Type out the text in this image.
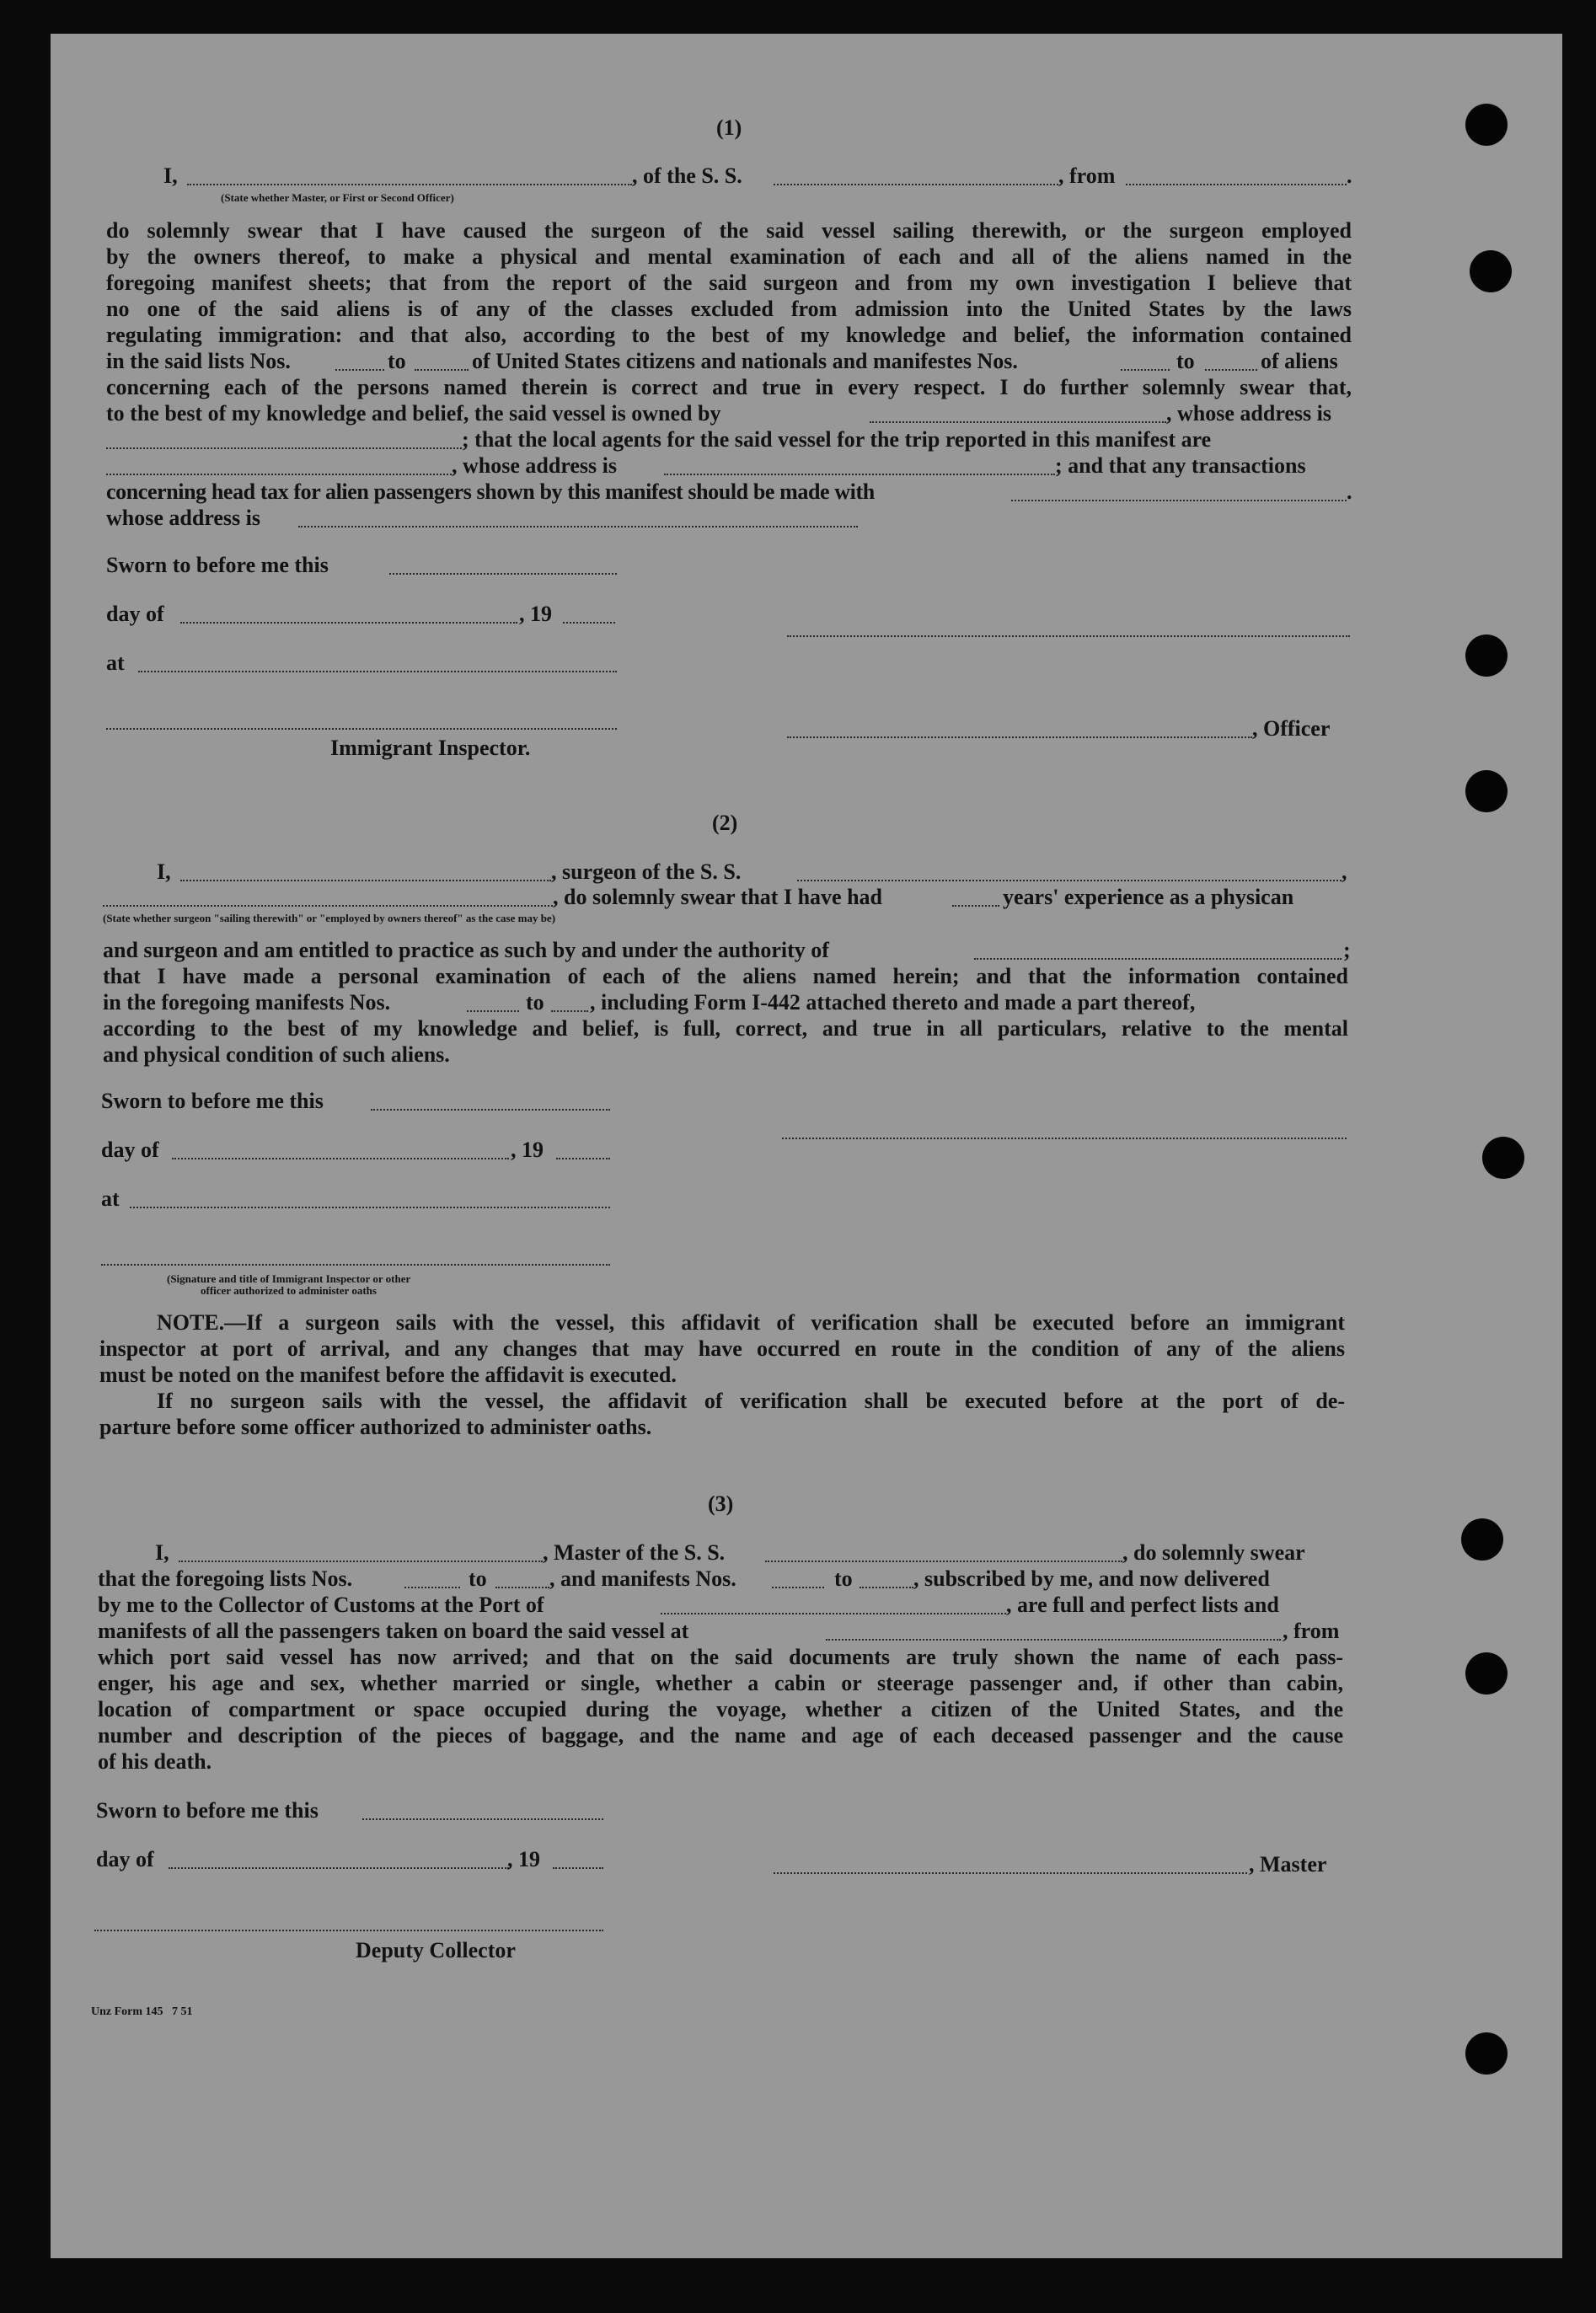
(1)
I,	, of the S. S.	, from	.
(State whether Master, or First or Second Officer)
do solemnly swear that I have caused the surgeon of the said vessel sailing therewith, or the surgeon employed
by the owners thereof, to make a physical and mental examination of each and all of the aliens named in the
foregoing manifest sheets; that from the report of the said surgeon and from my own investigation I believe that
no one of the said aliens is of any of the classes excluded from admission into the United States by the laws
regulating immigration: and that also, according to the best of my knowledge and belief, the information contained
in the said lists Nos.	to	of United States citizens and nationals and manifestes Nos.	to	of aliens
concerning each of the persons named therein is correct and true in every respect. I do further solemnly swear that,
to the best of my knowledge and belief, the said vessel is owned by	, whose address is
; that the local agents for the said vessel for the trip reported in this manifest are
, whose address is	; and that any transactions
concerning head tax for alien passengers shown by this manifest should be made with	.
whose address is
Sworn to before me this
day of	, 19
at
, Officer
Immigrant Inspector.
(2)
I,	, surgeon of the S. S.	,
, do solemnly swear that I have had	years' experience as a physican
(State whether surgeon "sailing therewith" or "employed by owners thereof" as the case may be)
and surgeon and am entitled to practice as such by and under the authority of	;
that I have made a personal examination of each of the aliens named herein; and that the information contained
in the foregoing manifests Nos.	to , including Form I-442 attached thereto and made a part thereof,
according to the best of my knowledge and belief, is full, correct, and true in all particulars, relative to the mental
and physical condition of such aliens.
Sworn to before me this
day of	, 19
at
(Signature and title of Immigrant Inspector or other
officer authorized to administer oaths
NOTE.—If a surgeon sails with the vessel, this affidavit of verification shall be executed before an immigrant
inspector at port of arrival, and any changes that may have occurred en route in the condition of any of the aliens
must be noted on the manifest before the affidavit is executed.
If no surgeon sails with the vessel, the affidavit of verification shall be executed before at the port of de-
parture before some officer authorized to administer oaths.
(3)
I,	, Master of the S. S.	, do solemnly swear
that the foregoing lists Nos.	to	, and manifests Nos.	to	, subscribed by me, and now delivered
by me to the Collector of Customs at the Port of	, are full and perfect lists and
manifests of all the passengers taken on board the said vessel at	, from
which port said vessel has now arrived; and that on the said documents are truly shown the name of each pass-
enger, his age and sex, whether married or single, whether a cabin or steerage passenger and, if other than cabin,
location of compartment or space occupied during the voyage, whether a citizen of the United States, and the
number and description of the pieces of baggage, and the name and age of each deceased passenger and the cause
of his death.
Sworn to before me this
day of	, 19	, Master
Deputy Collector
Unz Form 145   7 51
